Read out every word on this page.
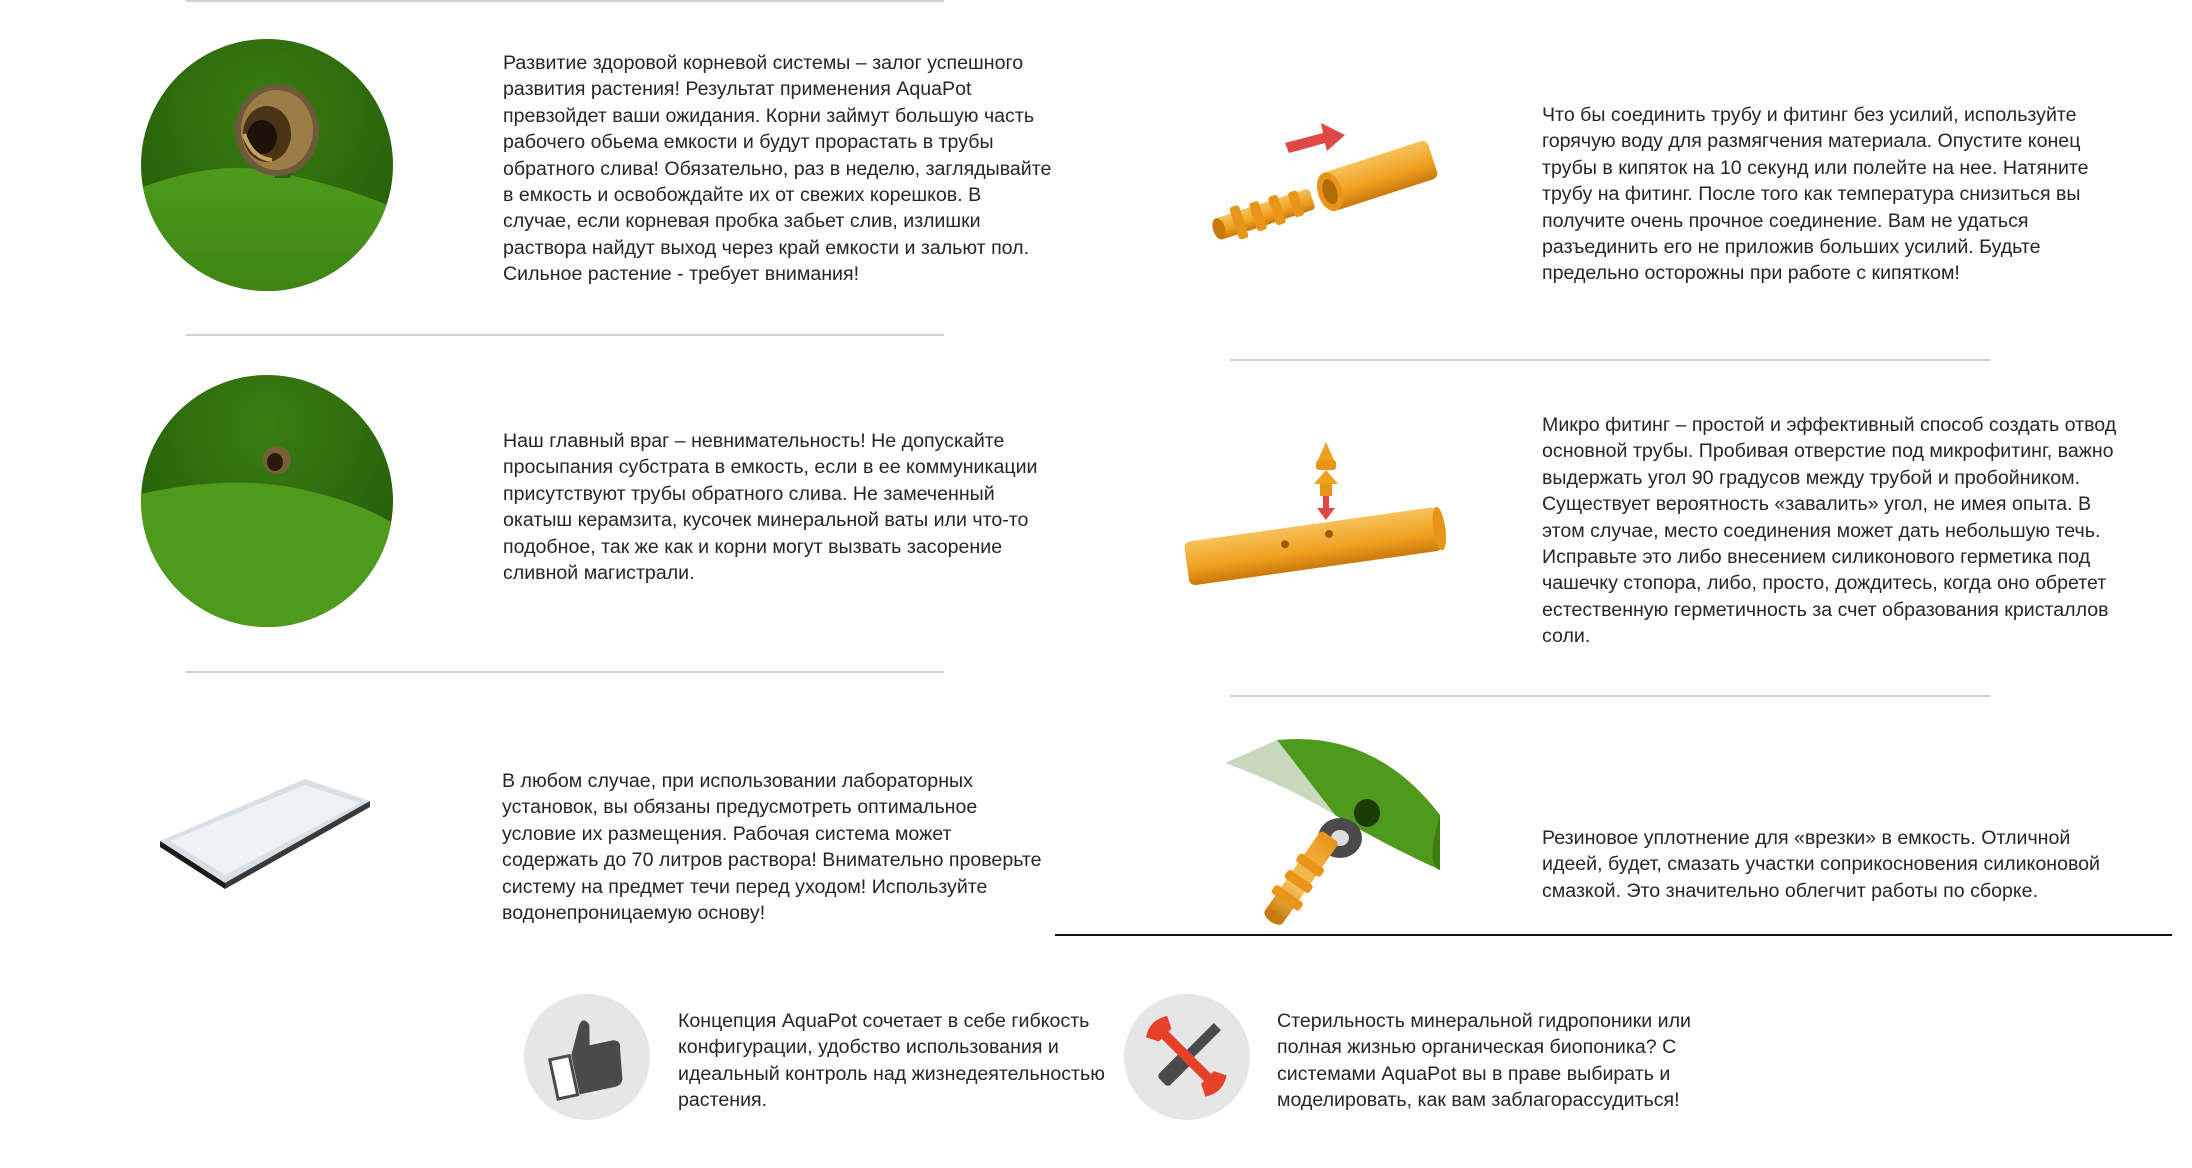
Развитие здоровой корневой системы – залог успешного развития растения! Результат применения AquaPot превзойдет ваши ожидания. Корни займут большую часть рабочего обьема емкости и будут прорастать в трубы обратного слива! Обязательно, раз в неделю, заглядывайте в емкость и освобождайте их от свежих корешков. В случае, если корневая пробка забьет слив, излишки раствора найдут выход через край емкости и зальют пол. Сильное растение - требует внимания!

Наш главный враг – невнимательность! Не допускайте просыпания субстрата в емкость, если в ее коммуникации присутствуют трубы обратного слива. Не замеченный окатыш керамзита, кусочек минеральной ваты или что-то подобное, так же как и корни могут вызвать засорение сливной магистрали.

В любом случае, при использовании лабораторных установок, вы обязаны предусмотреть оптимальное условие их размещения. Рабочая система может содержать до 70 литров раствора! Внимательно проверьте систему на предмет течи перед уходом! Используйте водонепроницаемую основу!

Что бы соединить трубу и фитинг без усилий, используйте горячую воду для размягчения материала. Опустите конец трубы в кипяток на 10 секунд или полейте на нее. Натяните трубу на фитинг. После того как температура снизиться вы получите очень прочное соединение. Вам не удаться разъединить его не приложив больших усилий. Будьте предельно осторожны при работе с кипятком!

Микро фитинг – простой и эффективный способ создать отвод основной трубы. Пробивая отверстие под микрофитинг, важно выдержать угол 90 градусов между трубой и пробойником. Существует вероятность «завалить» угол, не имея опыта. В этом случае, место соединения может дать небольшую течь. Исправьте это либо внесением силиконового герметика под чашечку стопора, либо, просто, дождитесь, когда оно обретет естественную герметичность за счет образования кристаллов соли.

Резиновое уплотнение для «врезки» в емкость. Отличной идеей, будет, смазать участки соприкосновения силиконовой смазкой. Это значительно облегчит работы по сборке.

Концепция AquaPot сочетает в себе гибкость конфигурации, удобство использования и идеальный контроль над жизнедеятельностью растения.

Стерильность минеральной гидропоники или полная жизнью органическая биопоника? С системами AquaPot вы в праве выбирать и моделировать, как вам заблагорассудиться!
